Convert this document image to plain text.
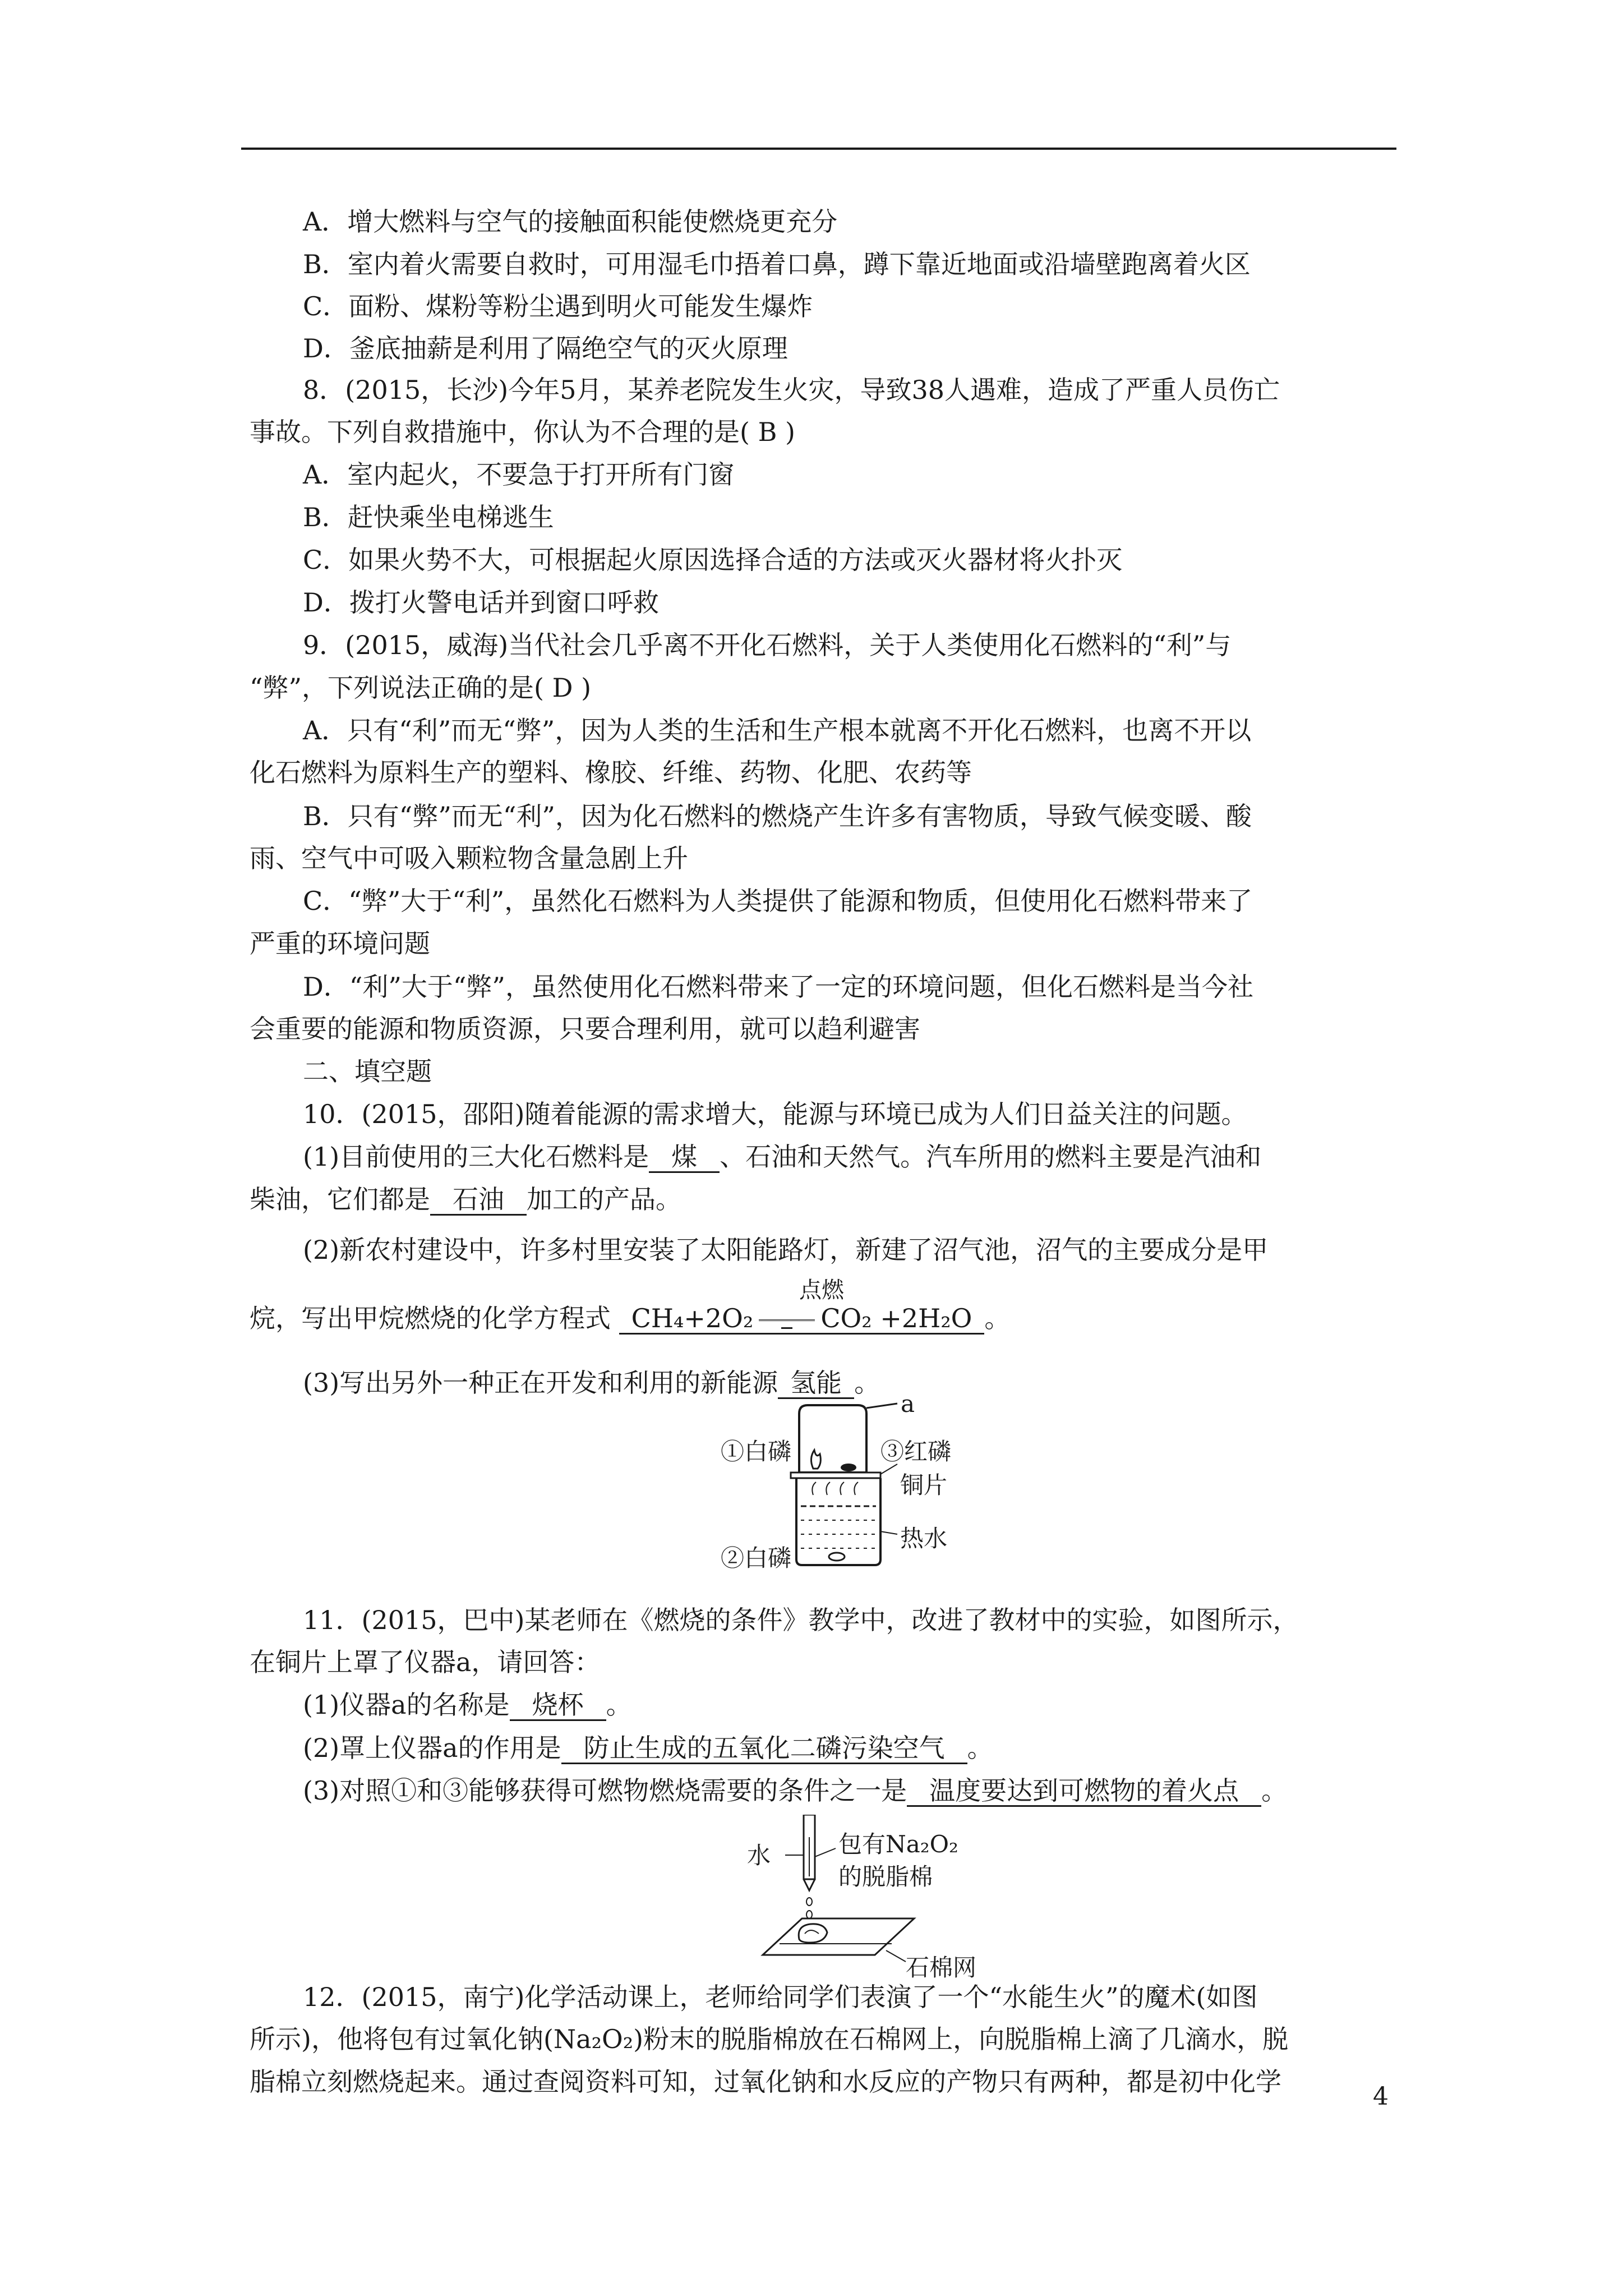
A．增大燃料与空气的接触面积能使燃烧更充分
B．室内着火需要自救时，可用湿毛巾捂着口鼻，蹲下靠近地面或沿墙壁跑离着火区
C．面粉、煤粉等粉尘遇到明火可能发生爆炸
D．釜底抽薪是利用了隔绝空气的灭火原理
8．(2015，长沙)今年5月，某养老院发生火灾，导致38人遇难，造成了严重人员伤亡
事故。下列自救措施中，你认为不合理的是( B )
A．室内起火，不要急于打开所有门窗
B．赶快乘坐电梯逃生
C．如果火势不大，可根据起火原因选择合适的方法或灭火器材将火扑灭
D．拨打火警电话并到窗口呼救
9．(2015，威海)当代社会几乎离不开化石燃料，关于人类使用化石燃料的“利”与
“弊”，下列说法正确的是( D )
A．只有“利”而无“弊”，因为人类的生活和生产根本就离不开化石燃料，也离不开以
化石燃料为原料生产的塑料、橡胶、纤维、药物、化肥、农药等
B．只有“弊”而无“利”，因为化石燃料的燃烧产生许多有害物质，导致气候变暖、酸
雨、空气中可吸入颗粒物含量急剧上升
C．“弊”大于“利”，虽然化石燃料为人类提供了能源和物质，但使用化石燃料带来了
严重的环境问题
D．“利”大于“弊”，虽然使用化石燃料带来了一定的环境问题，但化石燃料是当今社
会重要的能源和物质资源，只要合理利用，就可以趋利避害
二、填空题
10．(2015，邵阳)随着能源的需求增大，能源与环境已成为人们日益关注的问题。
(1)目前使用的三大化石燃料是 煤 、石油和天然气。汽车所用的燃料主要是汽油和
柴油，它们都是 石油 加工的产品。
(2)新农村建设中，许多村里安装了太阳能路灯，新建了沼气池，沼气的主要成分是甲
烷，写出甲烷燃烧的化学方程式 CH₄+2O₂	CO₂ +2H₂O 。
点燃
(3)写出另外一种正在开发和利用的新能源 氢能 。
a
①白磷	③红磷
铜片
②白磷
热水
11．(2015，巴中)某老师在《燃烧的条件》教学中，改进了教材中的实验，如图所示，
在铜片上罩了仪器a，请回答：
(1)仪器a的名称是 烧杯 。
(2)罩上仪器a的作用是 防止生成的五氧化二磷污染空气 。
(3)对照①和③能够获得可燃物燃烧需要的条件之一是 温度要达到可燃物的着火点 。
水	包有Na₂O₂
的脱脂棉
石棉网
12．(2015，南宁)化学活动课上，老师给同学们表演了一个“水能生火”的魔术(如图
所示)，他将包有过氧化钠(Na₂O₂)粉末的脱脂棉放在石棉网上，向脱脂棉上滴了几滴水，脱
脂棉立刻燃烧起来。通过查阅资料可知，过氧化钠和水反应的产物只有两种，都是初中化学	4
